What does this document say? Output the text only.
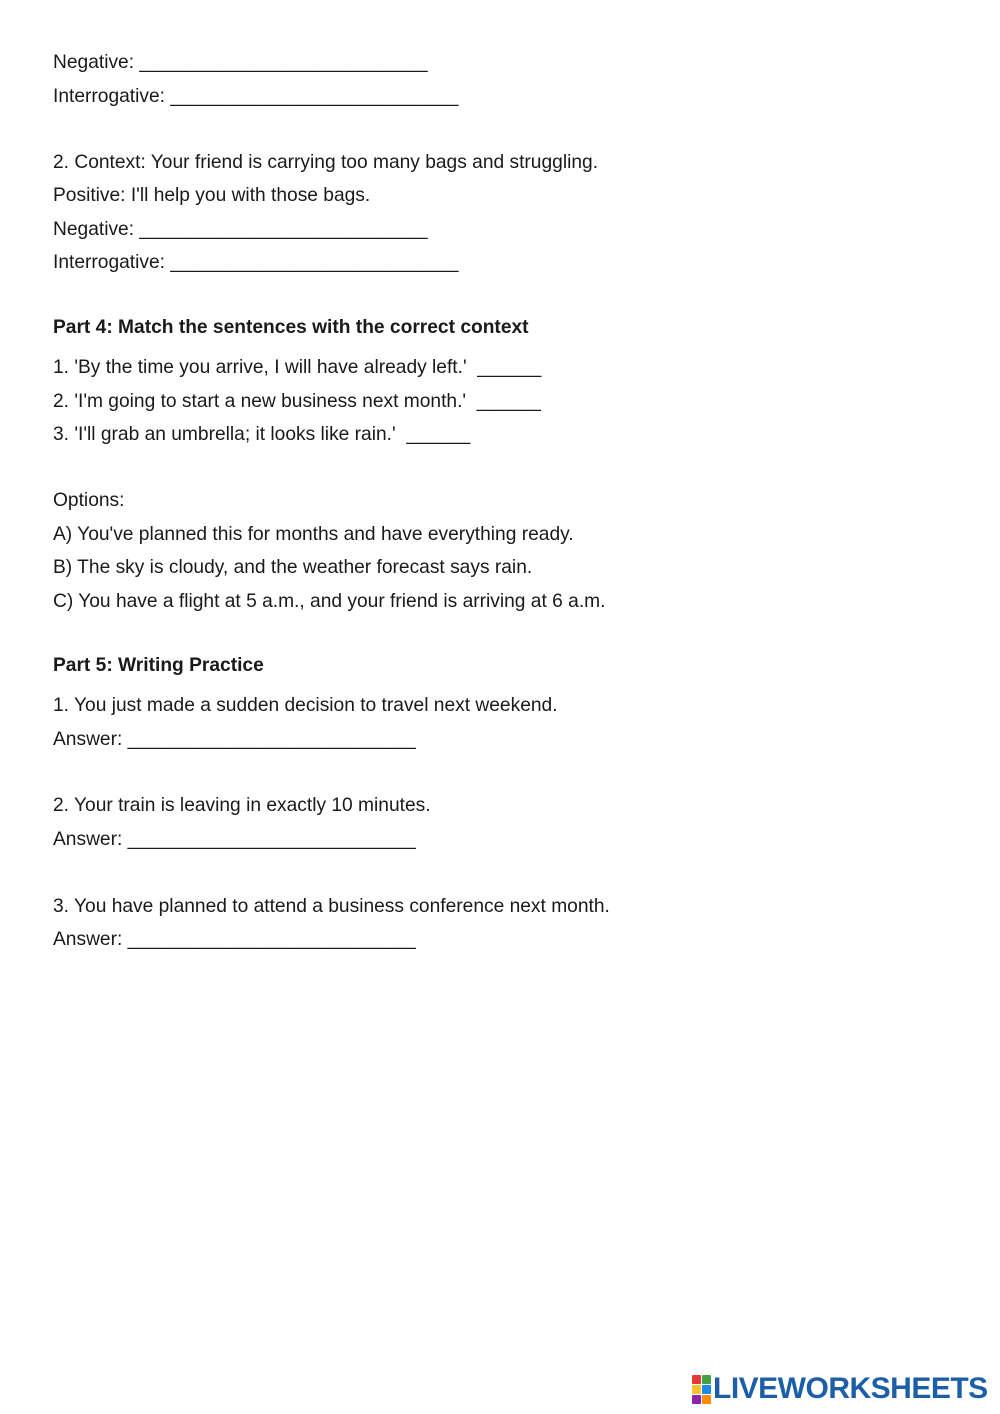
Negative: ___________________________
Interrogative: ___________________________
2. Context: Your friend is carrying too many bags and struggling.
Positive: I'll help you with those bags.
Negative: ___________________________
Interrogative: ___________________________
Part 4: Match the sentences with the correct context
1. 'By the time you arrive, I will have already left.'  ______
2. 'I'm going to start a new business next month.'  ______
3. 'I'll grab an umbrella; it looks like rain.'  ______
Options:
A) You've planned this for months and have everything ready.
B) The sky is cloudy, and the weather forecast says rain.
C) You have a flight at 5 a.m., and your friend is arriving at 6 a.m.
Part 5: Writing Practice
1. You just made a sudden decision to travel next weekend.
Answer: ___________________________
2. Your train is leaving in exactly 10 minutes.
Answer: ___________________________
3. You have planned to attend a business conference next month.
Answer: ___________________________
LIVEWORKSHEETS
